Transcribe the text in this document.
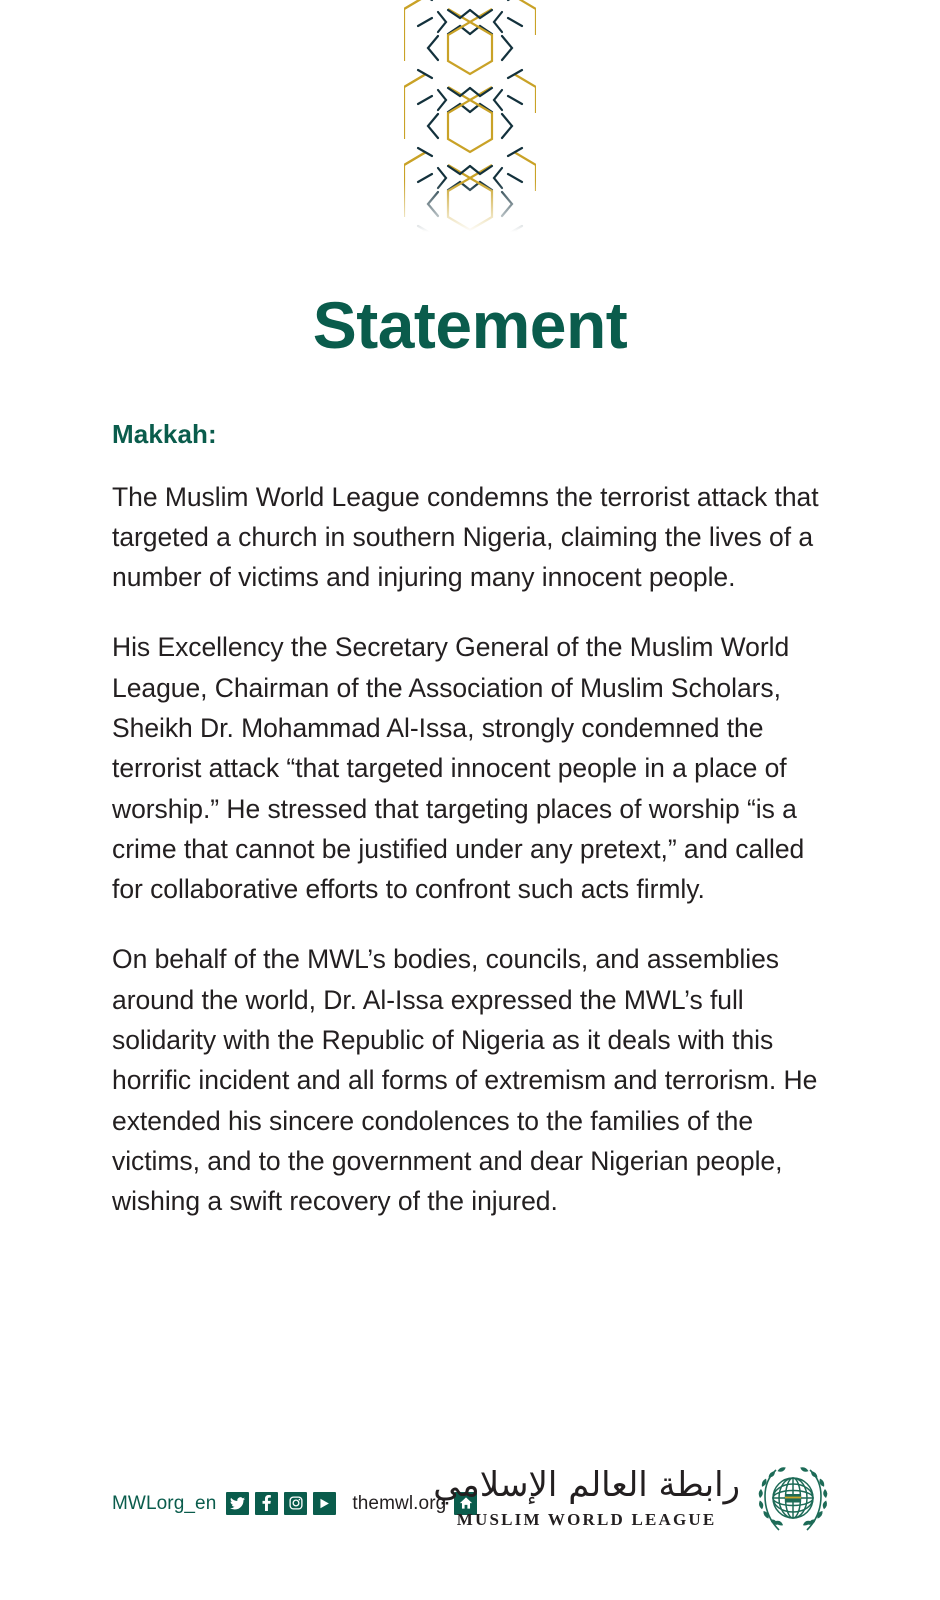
Statement
Makkah:

The Muslim World League condemns the terrorist attack that targeted a church in southern Nigeria, claiming the lives of a number of victims and injuring many innocent people.

His Excellency the Secretary General of the Muslim World League, Chairman of the Association of Muslim Scholars, Sheikh Dr. Mohammad Al-Issa, strongly condemned the terrorist attack “that targeted innocent people in a place of worship.” He stressed that targeting places of worship “is a crime that cannot be justified under any pretext,” and called for collaborative efforts to confront such acts firmly.

On behalf of the MWL’s bodies, councils, and assemblies around the world, Dr. Al-Issa expressed the MWL’s full solidarity with the Republic of Nigeria as it deals with this horrific incident and all forms of extremism and terrorism. He extended his sincere condolences to the families of the victims, and to the government and dear Nigerian people, wishing a swift recovery of the injured.

MWLorg_en	themwl.org
رابطة العالم الإسلامي
MUSLIM WORLD LEAGUE
